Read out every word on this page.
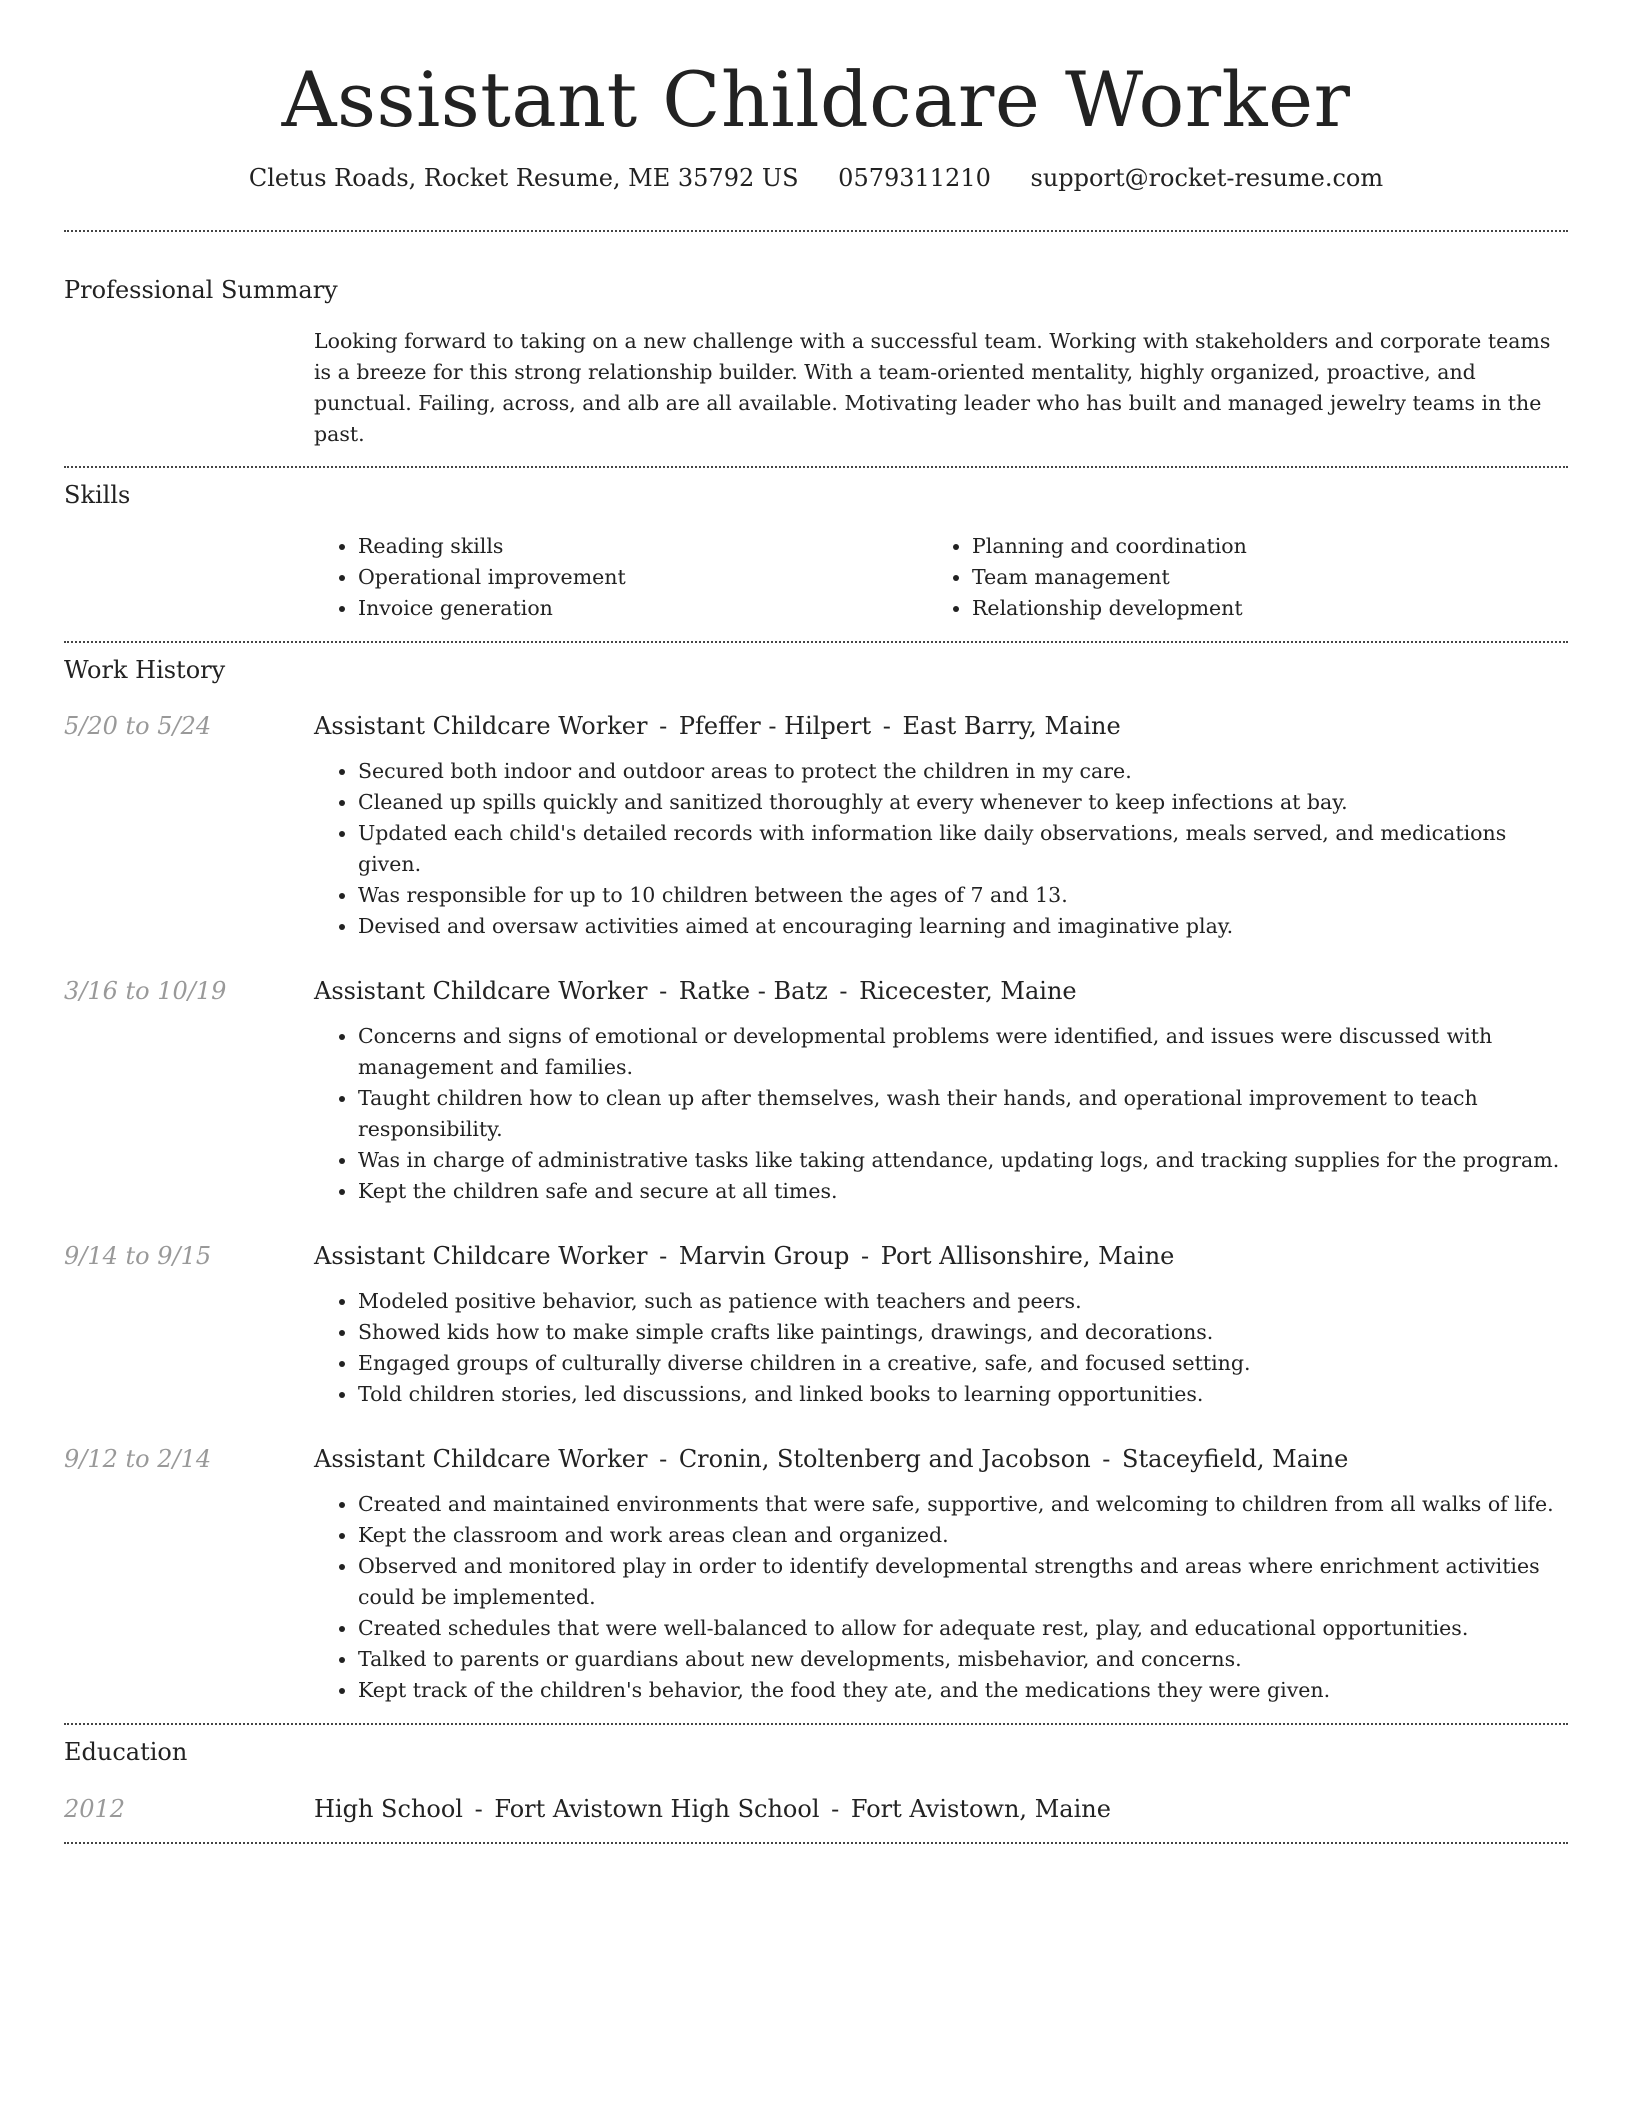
Assistant Childcare Worker
Cletus Roads, Rocket Resume, ME 35792 US 0579311210 support@rocket-resume.com
Professional Summary

Looking forward to taking on a new challenge with a successful team. Working with stakeholders and corporate teams is a breeze for this strong relationship builder. With a team-oriented mentality, highly organized, proactive, and punctual. Failing, across, and alb are all available. Motivating leader who has built and managed jewelry teams in the past.

Skills
• Reading skills
• Operational improvement
• Invoice generation
• Planning and coordination
• Team management
• Relationship development
Work History
5/20 to 5/24	Assistant Childcare Worker - Pfeffer - Hilpert - East Barry, Maine
• Secured both indoor and outdoor areas to protect the children in my care.
• Cleaned up spills quickly and sanitized thoroughly at every whenever to keep infections at bay.
• Updated each child's detailed records with information like daily observations, meals served, and medications given.
• Was responsible for up to 10 children between the ages of 7 and 13.
• Devised and oversaw activities aimed at encouraging learning and imaginative play.
3/16 to 10/19	Assistant Childcare Worker - Ratke - Batz - Ricecester, Maine
• Concerns and signs of emotional or developmental problems were identified, and issues were discussed with management and families.
• Taught children how to clean up after themselves, wash their hands, and operational improvement to teach responsibility.
• Was in charge of administrative tasks like taking attendance, updating logs, and tracking supplies for the program.
• Kept the children safe and secure at all times.
9/14 to 9/15	Assistant Childcare Worker - Marvin Group - Port Allisonshire, Maine
• Modeled positive behavior, such as patience with teachers and peers.
• Showed kids how to make simple crafts like paintings, drawings, and decorations.
• Engaged groups of culturally diverse children in a creative, safe, and focused setting.
• Told children stories, led discussions, and linked books to learning opportunities.
9/12 to 2/14	Assistant Childcare Worker - Cronin, Stoltenberg and Jacobson - Staceyfield, Maine
• Created and maintained environments that were safe, supportive, and welcoming to children from all walks of life.
• Kept the classroom and work areas clean and organized.
• Observed and monitored play in order to identify developmental strengths and areas where enrichment activities could be implemented.
• Created schedules that were well-balanced to allow for adequate rest, play, and educational opportunities.
• Talked to parents or guardians about new developments, misbehavior, and concerns.
• Kept track of the children's behavior, the food they ate, and the medications they were given.
Education
2012	High School - Fort Avistown High School - Fort Avistown, Maine
